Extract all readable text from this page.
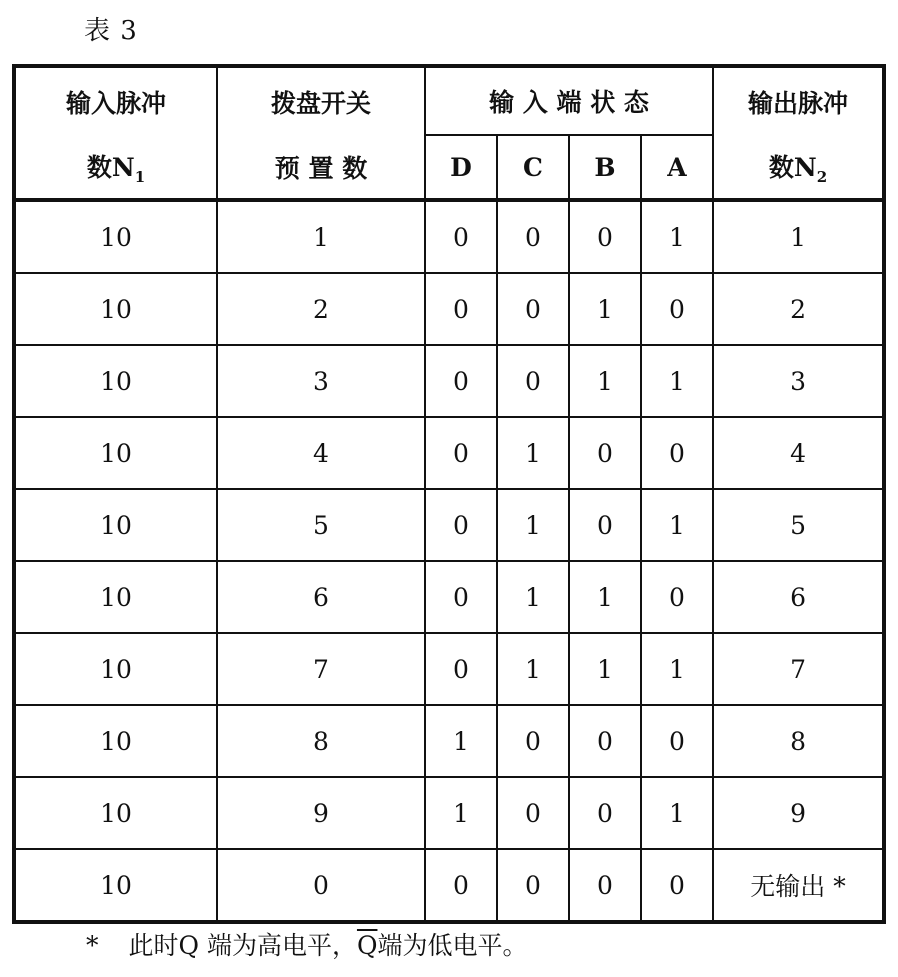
表 3
输入脉冲	拨盘开关	输 入 端 状 态				输出脉冲
数$N_1$	预 置 数	D	C	B	A	数$N_2$
10	1	0	0	0	1	1
10	2	0	0	1	0	2
10	3	0	0	1	1	3
10	4	0	1	0	0	4
10	5	0	1	0	1	5
10	6	0	1	1	0	6
10	7	0	1	1	1	7
10	8	1	0	0	0	8
10	9	1	0	0	1	9
10	0	0	0	0	0	无输出 *
* 此时Q 端为高电平，$\overline{Q}$端为低电平。
